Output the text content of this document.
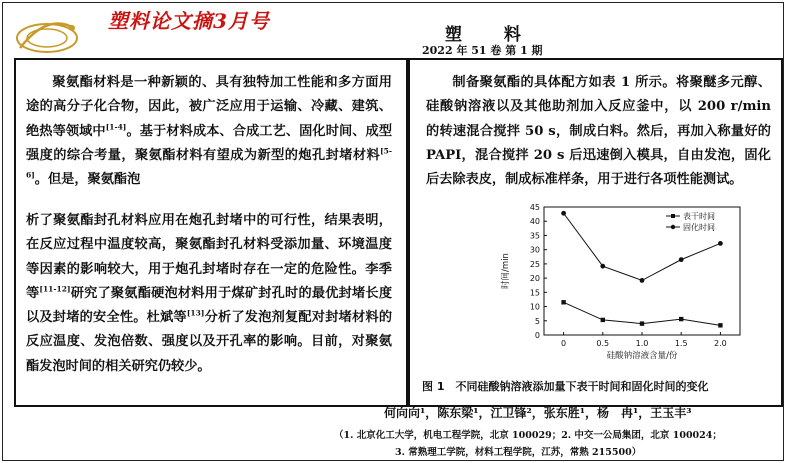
塑料论文摘3月号
塑 料
2022 年 51 卷 第 1 期
聚氨酯材料是一种新颖的、具有独特加工性能和多方面用途的高分子化合物，因此，被广泛应用于运输、冷藏、建筑、绝热等领域中[1-4]。基于材料成本、合成工艺、固化时间、成型强度的综合考量，聚氨酯材料有望成为新型的炮孔封堵材料[5-6]。但是，聚氨酯泡
析了聚氨酯封孔材料应用在炮孔封堵中的可行性，结果表明，在反应过程中温度较高，聚氨酯封孔材料受添加量、环境温度等因素的影响较大，用于炮孔封堵时存在一定的危险性。李季等[11-12]研究了聚氨酯硬泡材料用于煤矿封孔时的最优封堵长度以及封堵的安全性。杜斌等[13]分析了发泡剂复配对封堵材料的反应温度、发泡倍数、强度以及开孔率的影响。目前，对聚氨酯发泡时间的相关研究仍较少。
制备聚氨酯的具体配方如表 1 所示。将聚醚多元醇、硅酸钠溶液以及其他助剂加入反应釜中，以 200 r/min 的转速混合搅拌 50 s，制成白料。然后，再加入称量好的 PAPI，混合搅拌 20 s 后迅速倒入模具，自由发泡，固化后去除表皮，制成标准样条，用于进行各项性能测试。
0
5
10
15
20
25
30
35
40
45
0	0.5	1.0	1.5	2.0
硅酸钠溶液含量/份
时间/min
表干时间
固化时间
图 1　不同硅酸钠溶液添加量下表干时间和固化时间的变化
何向向¹，陈东梁¹，江卫锋²，张东胜¹，杨　冉¹，王玉丰³
（1. 北京化工大学，机电工程学院，北京 100029；2. 中交一公局集团，北京 100024；
3. 常熟理工学院，材料工程学院，江苏，常熟 215500）
